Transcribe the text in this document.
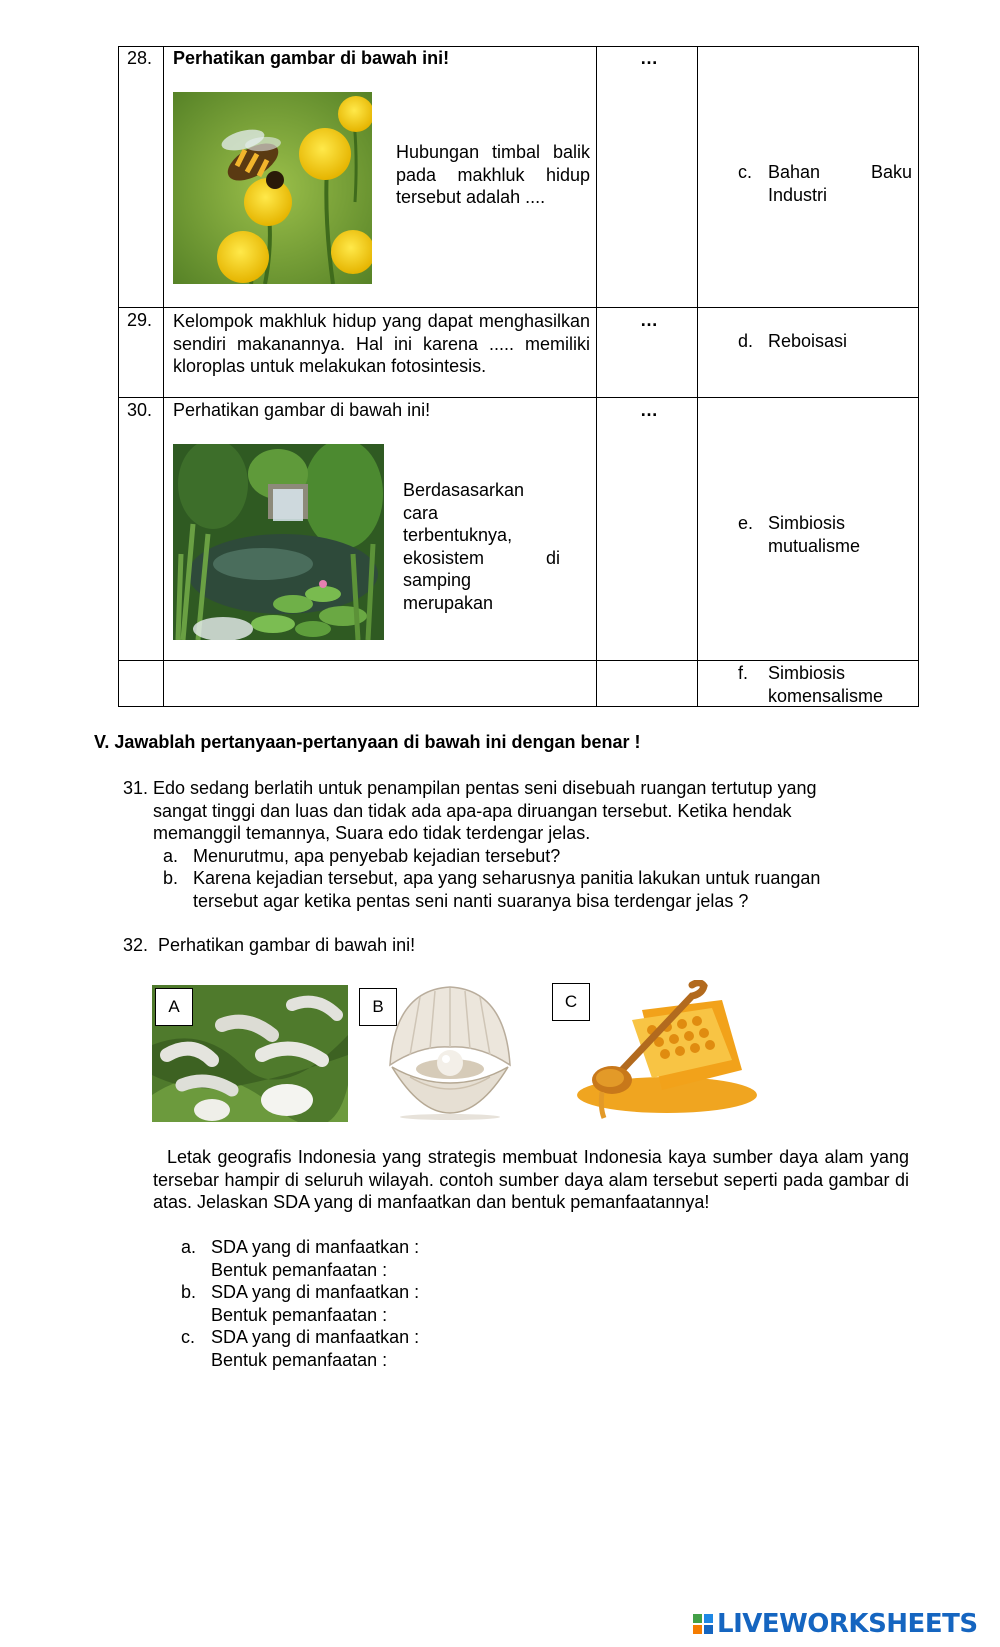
28. Perhatikan gambar di bawah ini!
Hubungan timbal balik pada makhluk hidup tersebut adalah ....
…
29. Kelompok makhluk hidup yang dapat menghasilkan sendiri makanannya. Hal ini karena ..... memiliki kloroplas untuk melakukan fotosintesis.
…
30. Perhatikan gambar di bawah ini!
Berdasasarkan
cara
terbentuknya,
ekosistem di
samping
merupakan
…
c. Bahan Baku
Industri
d. Reboisasi
e. Simbiosis
mutualisme
f. Simbiosis
komensalisme
V. Jawablah pertanyaan-pertanyaan di bawah ini dengan benar !
31. Edo sedang berlatih untuk penampilan pentas seni disebuah ruangan tertutup yang
sangat tinggi dan luas dan tidak ada apa-apa diruangan tersebut. Ketika hendak
memanggil temannya, Suara edo tidak terdengar jelas.
a. Menurutmu, apa penyebab kejadian tersebut?
b. Karena kejadian tersebut, apa yang seharusnya panitia lakukan untuk ruangan
tersebut agar ketika pentas seni nanti suaranya bisa terdengar jelas ?
32. Perhatikan gambar di bawah ini!
A	B	C
Letak geografis Indonesia yang strategis membuat Indonesia kaya sumber daya alam yang tersebar hampir di seluruh wilayah. contoh sumber daya alam tersebut seperti pada gambar di atas. Jelaskan SDA yang di manfaatkan dan bentuk pemanfaatannya!
a. SDA yang di manfaatkan :
Bentuk pemanfaatan :
b. SDA yang di manfaatkan :
Bentuk pemanfaatan :
c. SDA yang di manfaatkan :
Bentuk pemanfaatan :
LIVEWORKSHEETS
